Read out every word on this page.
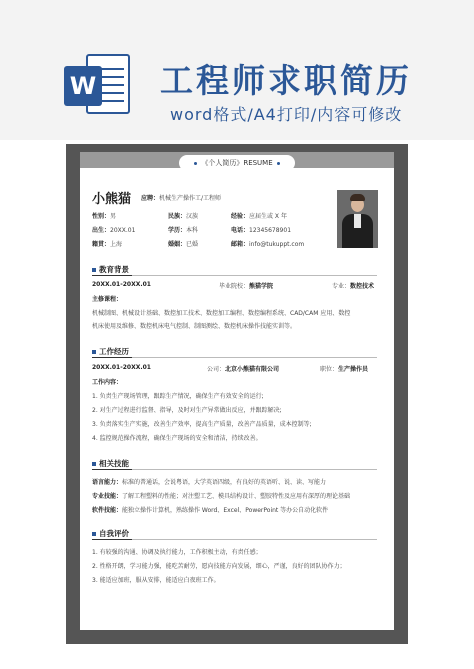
W 工程师求职简历
word格式/A4打印/内容可修改
《个人简历》RESUME
小熊猫 应聘：机械生产操作工/工程师
性别：男	民族：汉族	经验：应届生或 X 年
出生：20XX.01	学历：本科	电话：12345678901
籍贯：上海	婚姻：已婚	邮箱：info@tukuppt.com
教育背景
20XX.01-20XX.01	毕业院校：熊猫学院	专业：数控技术
主修课程：
机械制图、机械设计基础、数控加工技术、数控加工编程、数控编程系统、CAD/CAM 应用、数控
机床使用及维修、数控机床电气控制、制图测绘、数控机床操作技能实训等。
工作经历
20XX.01-20XX.01	公司：北京小熊猫有限公司	职位：生产操作员
工作内容：
1. 负责生产现场管理，跟踪生产情况，确保生产有效安全的运行;
2. 对生产过程进行监督、指导，及时对生产异常做出反应，并跟踪解决;
3. 负责落实生产实施，改善生产效率，提高生产质量，改善产品质量，成本控制等;
4. 监控规范操作流程，确保生产现场的安全和清洁，持续改善。
相关技能
语言能力：标准的普通话，会说粤语，大学英语四级，有良好的英语听、说、读、写能力
专业技能：了解工程塑料的性能；对注塑工艺、模具结构设计、塑胶特性及应用有深厚的理论基础
软件技能：能独立操作计算机，熟练操作 Word、Excel、PowerPoint 等办公自动化软件
自我评价
1. 有较强的沟通、协调及执行能力，工作积极主动，有责任感；
2. 性格开朗，学习能力强，能吃苦耐劳，愿向技能方向发展，细心，严谨，良好的团队协作力；
3. 能适应加班，服从安排，能适应白夜班工作。
